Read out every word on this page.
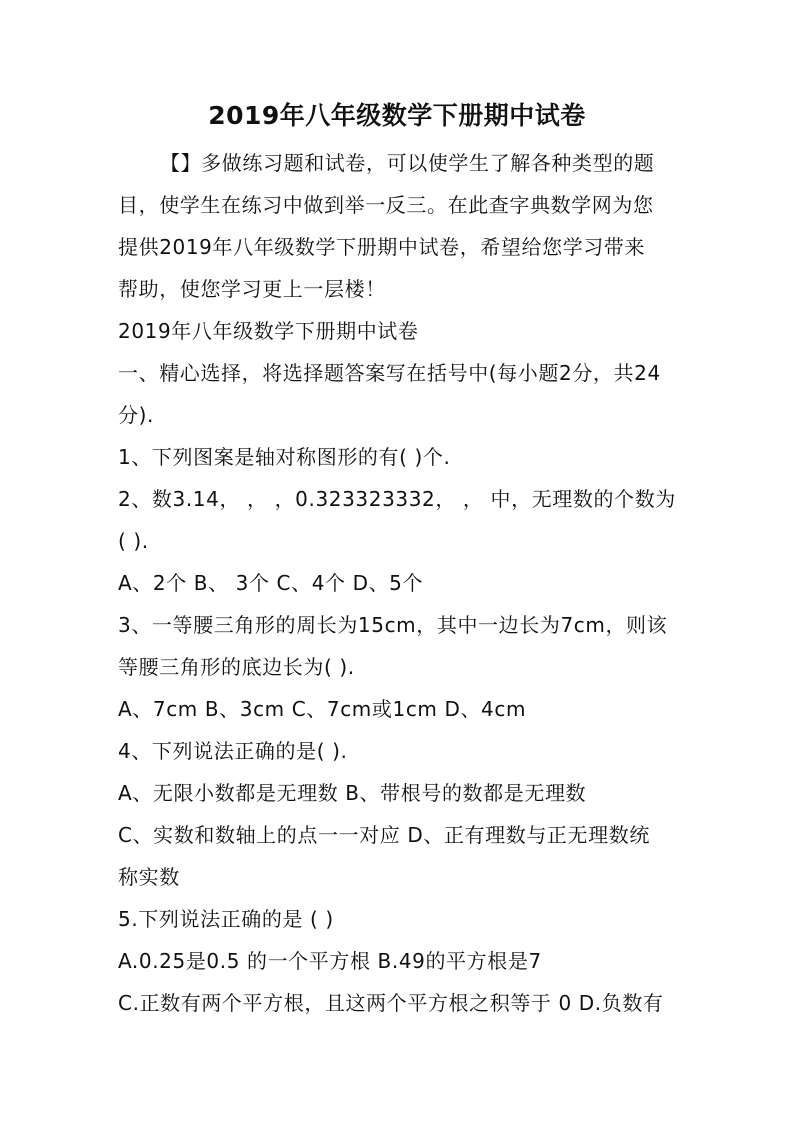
2019年八年级数学下册期中试卷
【】多做练习题和试卷，可以使学生了解各种类型的题
目，使学生在练习中做到举一反三。在此查字典数学网为您
提供2019年八年级数学下册期中试卷，希望给您学习带来
帮助，使您学习更上一层楼！
2019年八年级数学下册期中试卷
一、精心选择，将选择题答案写在括号中(每小题2分，共24
分).
1、下列图案是轴对称图形的有( )个.
2、数3.14， ， ，0.323323332， ， 中，无理数的个数为
( ).
A、2个 B、 3个 C、4个 D、5个
3、一等腰三角形的周长为15cm，其中一边长为7cm，则该
等腰三角形的底边长为( ).
A、7cm B、3cm C、7cm或1cm D、4cm
4、下列说法正确的是( ).
A、无限小数都是无理数 B、带根号的数都是无理数
C、实数和数轴上的点一一对应 D、正有理数与正无理数统
称实数
5.下列说法正确的是 ( )
A.0.25是0.5 的一个平方根 B.49的平方根是7
C.正数有两个平方根，且这两个平方根之积等于 0 D.负数有
